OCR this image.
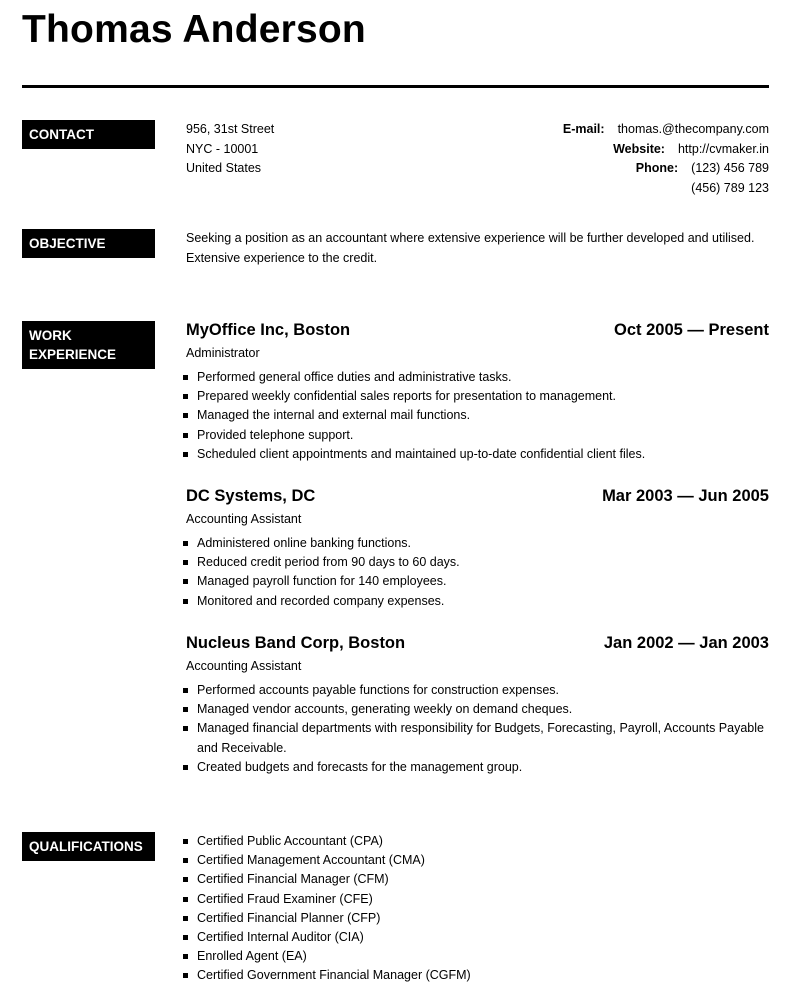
Thomas Anderson
CONTACT	956, 31st Street
NYC - 10001
United States
E-mail: thomas.@thecompany.com
Website: http://cvmaker.in
Phone: (123) 456 789
(456) 789 123
OBJECTIVE	Seeking a position as an accountant where extensive experience will be further developed and utilised. Extensive experience to the credit.
WORK
EXPERIENCE
MyOffice Inc, Boston	Oct 2005 — Present
Administrator
Performed general office duties and administrative tasks.
Prepared weekly confidential sales reports for presentation to management.
Managed the internal and external mail functions.
Provided telephone support.
Scheduled client appointments and maintained up-to-date confidential client files.
DC Systems, DC	Mar 2003 — Jun 2005
Accounting Assistant
Administered online banking functions.
Reduced credit period from 90 days to 60 days.
Managed payroll function for 140 employees.
Monitored and recorded company expenses.
Nucleus Band Corp, Boston	Jan 2002 — Jan 2003
Accounting Assistant
Performed accounts payable functions for construction expenses.
Managed vendor accounts, generating weekly on demand cheques.
Managed financial departments with responsibility for Budgets, Forecasting, Payroll, Accounts Payable and Receivable.
Created budgets and forecasts for the management group.
QUALIFICATIONS	Certified Public Accountant (CPA)
Certified Management Accountant (CMA)
Certified Financial Manager (CFM)
Certified Fraud Examiner (CFE)
Certified Financial Planner (CFP)
Certified Internal Auditor (CIA)
Enrolled Agent (EA)
Certified Government Financial Manager (CGFM)
